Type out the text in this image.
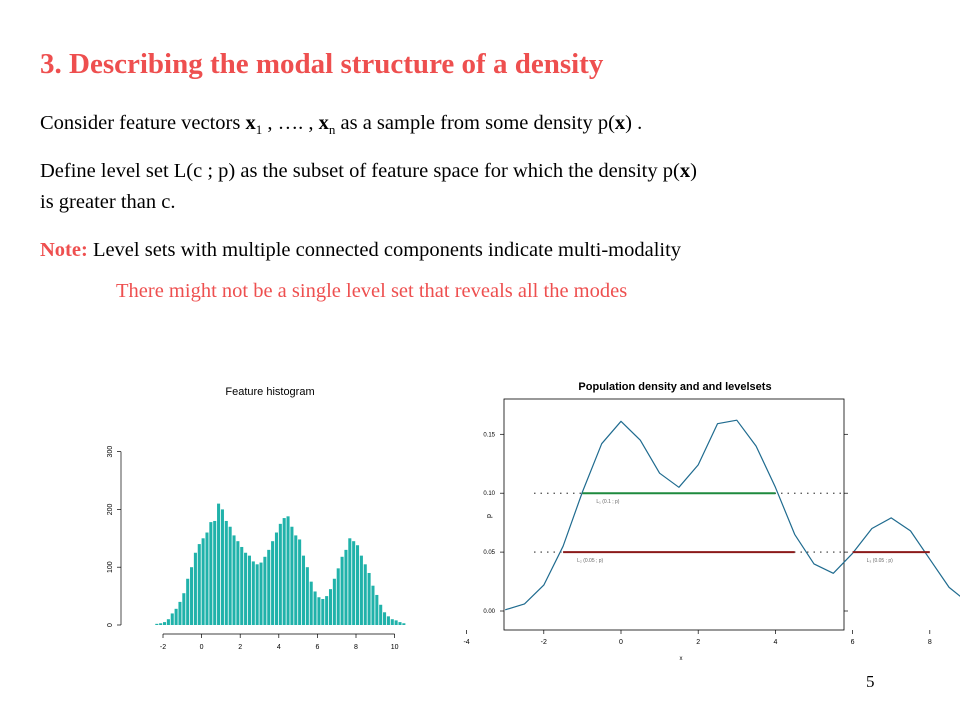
3. Describing the modal structure of a density
Consider feature vectors $x_1$ , …. , $x_n$ as a sample from some density p(x) .
Define level set L(c ; p) as the subset of feature space for which the density p(x)
is greater than c.
Note: Level sets with multiple connected components indicate multi-modality
There might not be a single level set that reveals all the modes
Feature histogram
-2	0	2	4	6	8	10
0
100
200
300
Population density and and levelsets
L₁ (0.1 ; p)
L₂ (0.05 ; p)	L₃ (0.05 ; p)
-4	-2	0	2	4	6	8
x
0.00
0.05
0.10
0.15
p
5
